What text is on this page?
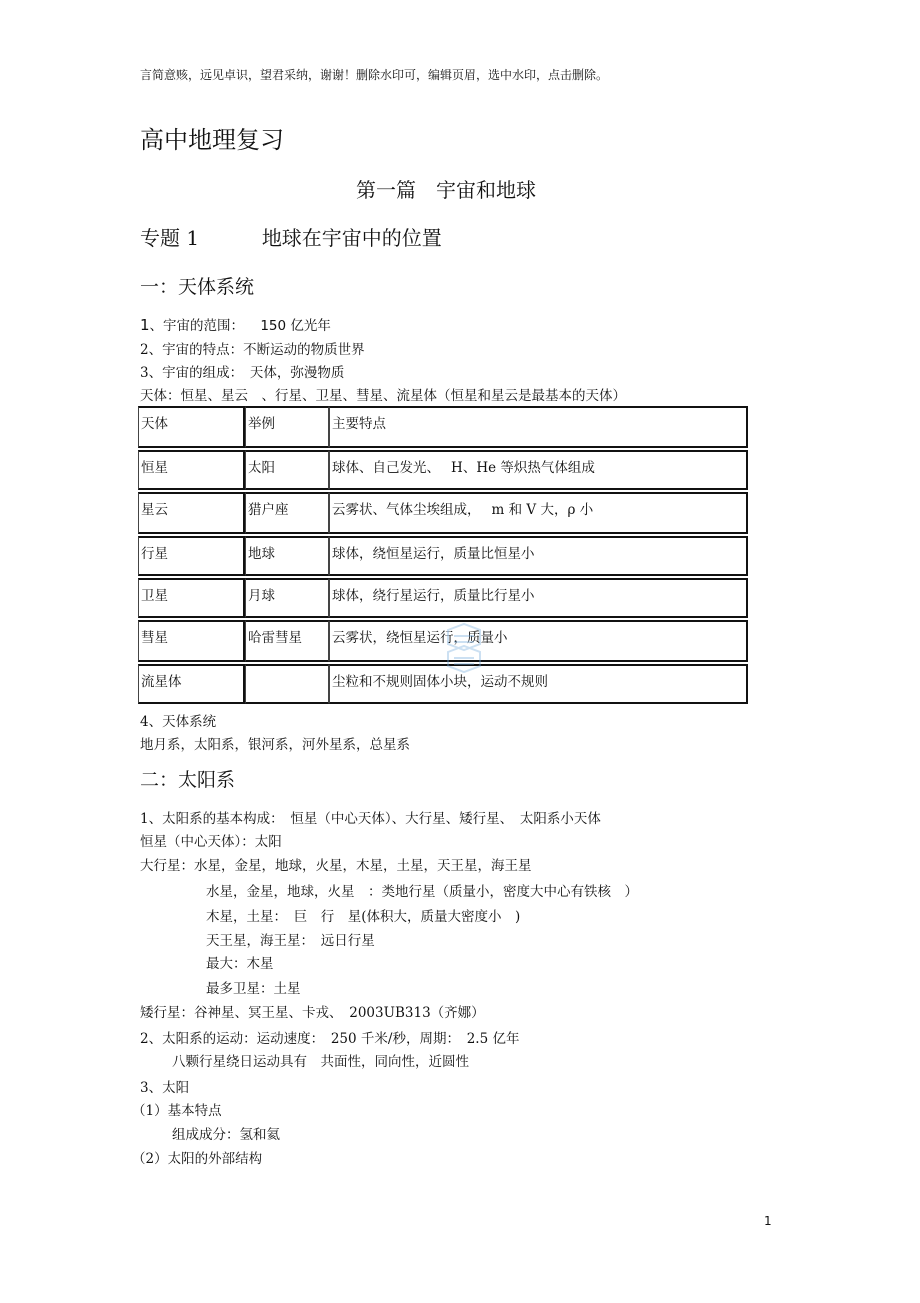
言简意赅，远见卓识，望君采纳，谢谢！删除水印可，编辑页眉，选中水印，点击删除。
高中地理复习
第一篇　宇宙和地球
专题 1	地球在宇宙中的位置
一：天体系统
1、宇宙的范围： 150 亿光年
2、宇宙的特点：不断运动的物质世界
3、宇宙的组成：　天体，弥漫物质
天体：恒星、星云　、行星、卫星、彗星、流星体（恒星和星云是最基本的天体）
天体	举例	主要特点
恒星	太阳	球体、自己发光、　 H、He 等炽热气体组成
星云	猎户座	云雾状、气体尘埃组成，　 m 和 V 大，ρ 小
行星	地球	球体，绕恒星运行，质量比恒星小
卫星	月球	球体，绕行星运行，质量比行星小
彗星	哈雷彗星	云雾状，绕恒星运行，质量小
流星体		尘粒和不规则固体小块，运动不规则
4、天体系统
地月系，太阳系，银河系，河外星系，总星系
二：太阳系
1、太阳系的基本构成：　恒星（中心天体）、大行星、矮行星、　太阳系小天体
恒星（中心天体）：太阳
大行星：水星，金星，地球，火星，木星，土星，天王星，海王星
水星，金星，地球，火星　：类地行星（质量小，密度大中心有铁核　）
木星，土星：　巨　行　星(体积大，质量大密度小　)
天王星，海王星：　远日行星
最大：木星
最多卫星：土星
矮行星：谷神星、冥王星、卡戎、　2003UB313（齐娜）
2、太阳系的运动：运动速度：　250 千米/秒，周期：　2.5 亿年
八颗行星绕日运动具有　共面性，同向性，近圆性
3、太阳
（1）基本特点
组成成分：氢和氦
（2）太阳的外部结构
1
